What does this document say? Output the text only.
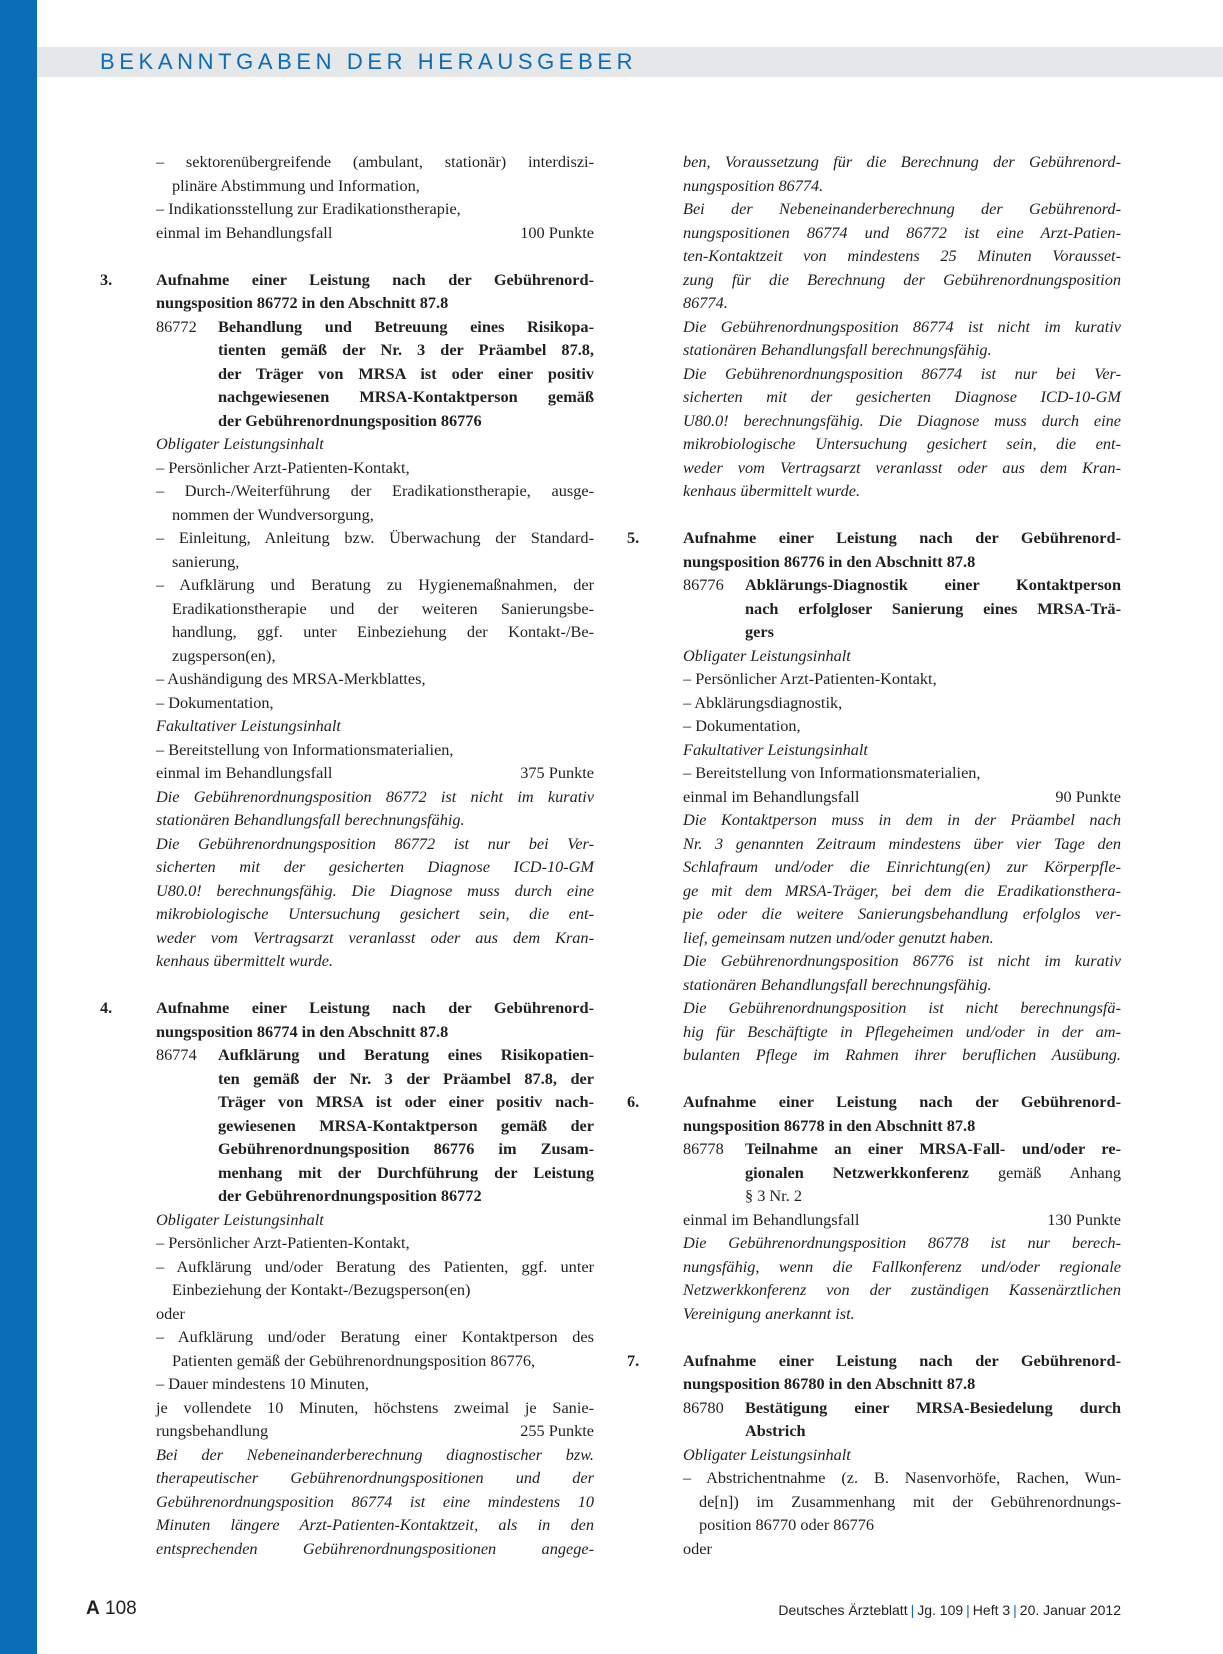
BEKANNTGABEN DER HERAUSGEBER
– sektorenübergreifende (ambulant, stationär) interdiszi-
plinäre Abstimmung und Information,
– Indikationsstellung zur Eradikationstherapie,
einmal im Behandlungsfall	100 Punkte
3.	Aufnahme einer Leistung nach der Gebührenord-
nungsposition 86772 in den Abschnitt 87.8
86772 Behandlung und Betreuung eines Risikopa-
tienten gemäß der Nr. 3 der Präambel 87.8,
der Träger von MRSA ist oder einer positiv
nachgewiesenen MRSA-Kontaktperson gemäß
der Gebührenordnungsposition 86776
Obligater Leistungsinhalt
– Persönlicher Arzt-Patienten-Kontakt,
– Durch-/Weiterführung der Eradikationstherapie, ausge-
nommen der Wundversorgung,
– Einleitung, Anleitung bzw. Überwachung der Standard-
sanierung,
– Aufklärung und Beratung zu Hygienemaßnahmen, der
Eradikationstherapie und der weiteren Sanierungsbe-
handlung, ggf. unter Einbeziehung der Kontakt-/Be-
zugsperson(en),
– Aushändigung des MRSA-Merkblattes,
– Dokumentation,
Fakultativer Leistungsinhalt
– Bereitstellung von Informationsmaterialien,
einmal im Behandlungsfall	375 Punkte
Die Gebührenordnungsposition 86772 ist nicht im kurativ
stationären Behandlungsfall berechnungsfähig.
Die Gebührenordnungsposition 86772 ist nur bei Ver-
sicherten mit der gesicherten Diagnose ICD-10-GM
U80.0! berechnungsfähig. Die Diagnose muss durch eine
mikrobiologische Untersuchung gesichert sein, die ent-
weder vom Vertragsarzt veranlasst oder aus dem Kran-
kenhaus übermittelt wurde.
4.	Aufnahme einer Leistung nach der Gebührenord-
nungsposition 86774 in den Abschnitt 87.8
86774 Aufklärung und Beratung eines Risikopatien-
ten gemäß der Nr. 3 der Präambel 87.8, der
Träger von MRSA ist oder einer positiv nach-
gewiesenen MRSA-Kontaktperson gemäß der
Gebührenordnungsposition 86776 im Zusam-
menhang mit der Durchführung der Leistung
der Gebührenordnungsposition 86772
Obligater Leistungsinhalt
– Persönlicher Arzt-Patienten-Kontakt,
– Aufklärung und/oder Beratung des Patienten, ggf. unter
Einbeziehung der Kontakt-/Bezugsperson(en)
oder
– Aufklärung und/oder Beratung einer Kontaktperson des
Patienten gemäß der Gebührenordnungsposition 86776,
– Dauer mindestens 10 Minuten,
je vollendete 10 Minuten, höchstens zweimal je Sanie-
rungsbehandlung	255 Punkte
Bei der Nebeneinanderberechnung diagnostischer bzw.
therapeutischer Gebührenordnungspositionen und der
Gebührenordnungsposition 86774 ist eine mindestens 10
Minuten längere Arzt-Patienten-Kontaktzeit, als in den
entsprechenden Gebührenordnungspositionen angege-
ben, Voraussetzung für die Berechnung der Gebührenord-
nungsposition 86774.
Bei der Nebeneinanderberechnung der Gebührenord-
nungspositionen 86774 und 86772 ist eine Arzt-Patien-
ten-Kontaktzeit von mindestens 25 Minuten Vorausset-
zung für die Berechnung der Gebührenordnungsposition
86774.
Die Gebührenordnungsposition 86774 ist nicht im kurativ
stationären Behandlungsfall berechnungsfähig.
Die Gebührenordnungsposition 86774 ist nur bei Ver-
sicherten mit der gesicherten Diagnose ICD-10-GM
U80.0! berechnungsfähig. Die Diagnose muss durch eine
mikrobiologische Untersuchung gesichert sein, die ent-
weder vom Vertragsarzt veranlasst oder aus dem Kran-
kenhaus übermittelt wurde.
5.	Aufnahme einer Leistung nach der Gebührenord-
nungsposition 86776 in den Abschnitt 87.8
86776 Abklärungs-Diagnostik einer Kontaktperson
nach erfolgloser Sanierung eines MRSA-Trä-
gers
Obligater Leistungsinhalt
– Persönlicher Arzt-Patienten-Kontakt,
– Abklärungsdiagnostik,
– Dokumentation,
Fakultativer Leistungsinhalt
– Bereitstellung von Informationsmaterialien,
einmal im Behandlungsfall	90 Punkte
Die Kontaktperson muss in dem in der Präambel nach
Nr. 3 genannten Zeitraum mindestens über vier Tage den
Schlafraum und/oder die Einrichtung(en) zur Körperpfle-
ge mit dem MRSA-Träger, bei dem die Eradikationsthera-
pie oder die weitere Sanierungsbehandlung erfolglos ver-
lief, gemeinsam nutzen und/oder genutzt haben.
Die Gebührenordnungsposition 86776 ist nicht im kurativ
stationären Behandlungsfall berechnungsfähig.
Die Gebührenordnungsposition ist nicht berechnungsfä-
hig für Beschäftigte in Pflegeheimen und/oder in der am-
bulanten Pflege im Rahmen ihrer beruflichen Ausübung.
6.	Aufnahme einer Leistung nach der Gebührenord-
nungsposition 86778 in den Abschnitt 87.8
86778 Teilnahme an einer MRSA-Fall- und/oder re-
gionalen Netzwerkkonferenz gemäß Anhang
§ 3 Nr. 2
einmal im Behandlungsfall	130 Punkte
Die Gebührenordnungsposition 86778 ist nur berech-
nungsfähig, wenn die Fallkonferenz und/oder regionale
Netzwerkkonferenz von der zuständigen Kassenärztlichen
Vereinigung anerkannt ist.
7.	Aufnahme einer Leistung nach der Gebührenord-
nungsposition 86780 in den Abschnitt 87.8
86780 Bestätigung einer MRSA-Besiedelung durch
Abstrich
Obligater Leistungsinhalt
– Abstrichentnahme (z. B. Nasenvorhöfe, Rachen, Wun-
de[n]) im Zusammenhang mit der Gebührenordnungs-
position 86770 oder 86776
oder
A 108	Deutsches Ärzteblatt | Jg. 109 | Heft 3 | 20. Januar 2012
